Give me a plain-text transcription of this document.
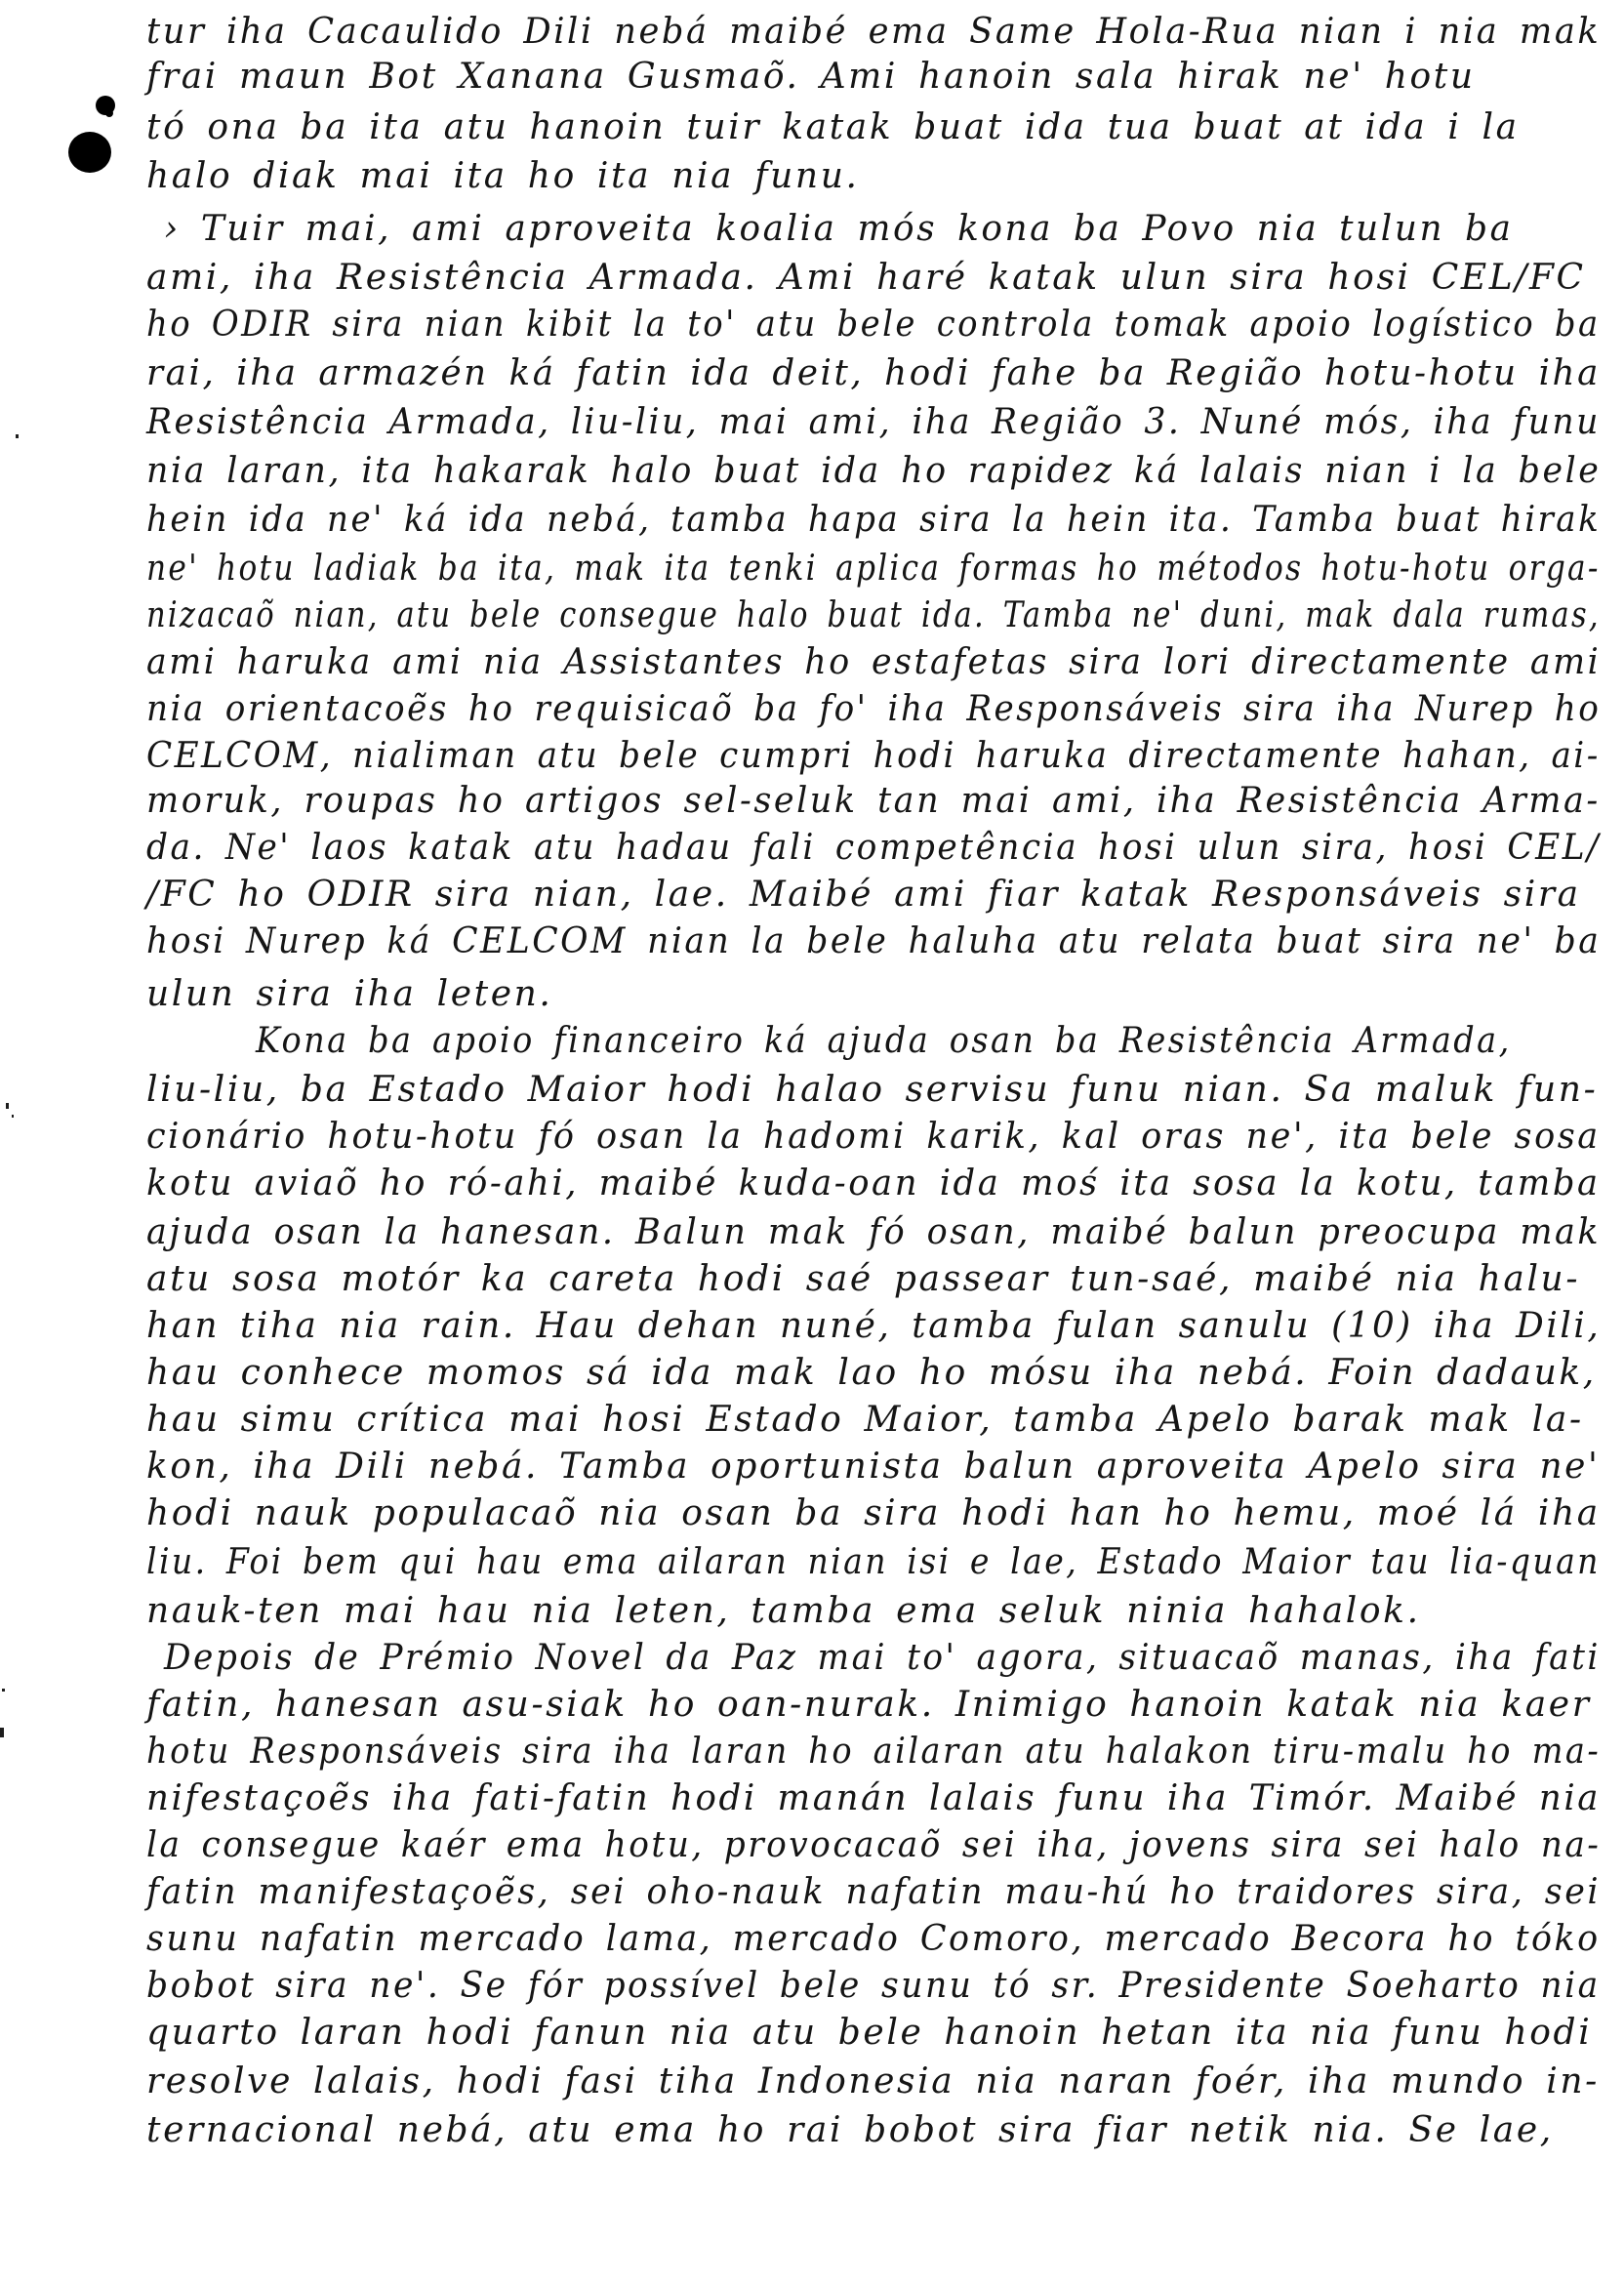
tur iha Cacaulido Dili nebá maibé ema Same Hola-Rua nian i nia mak
frai maun Bot Xanana Gusmaõ. Ami hanoin sala hirak ne' hotu
tó ona ba ita atu hanoin tuir katak buat ida tua buat at ida i la
halo diak mai ita ho ita nia funu.
› Tuir mai, ami aproveita koalia mós kona ba Povo nia tulun ba
ami, iha Resistência Armada. Ami haré katak ulun sira hosi CEL/FC
ho ODIR sira nian kibit la to' atu bele controla tomak apoio logístico ba
rai, iha armazén ká fatin ida deit, hodi fahe ba Região hotu-hotu iha
Resistência Armada, liu-liu, mai ami, iha Região 3. Nuné mós, iha funu
nia laran, ita hakarak halo buat ida ho rapidez ká lalais nian i la bele
hein ida ne' ká ida nebá, tamba hapa sira la hein ita. Tamba buat hirak
ne' hotu ladiak ba ita, mak ita tenki aplica formas ho métodos hotu-hotu orga-
nizacaõ nian, atu bele consegue halo buat ida. Tamba ne' duni, mak dala rumas,
ami haruka ami nia Assistantes ho estafetas sira lori directamente ami
nia orientacoẽs ho requisicaõ ba fo' iha Responsáveis sira iha Nurep ho
CELCOM, nialiman atu bele cumpri hodi haruka directamente hahan, ai-
moruk, roupas ho artigos sel-seluk tan mai ami, iha Resistência Arma-
da. Ne' laos katak atu hadau fali competência hosi ulun sira, hosi CEL/
/FC ho ODIR sira nian, lae. Maibé ami fiar katak Responsáveis sira
hosi Nurep ká CELCOM nian la bele haluha atu relata buat sira ne' ba
ulun sira iha leten.
Kona ba apoio financeiro ká ajuda osan ba Resistência Armada,
liu-liu, ba Estado Maior hodi halao servisu funu nian. Sa maluk fun-
cionário hotu-hotu fó osan la hadomi karik, kal oras ne', ita bele sosa
kotu aviaõ ho ró-ahi, maibé kuda-oan ida moś ita sosa la kotu, tamba
ajuda osan la hanesan. Balun mak fó osan, maibé balun preocupa mak
atu sosa motór ka careta hodi saé passear tun-saé, maibé nia halu-
han tiha nia rain. Hau dehan nuné, tamba fulan sanulu (10) iha Dili,
hau conhece momos sá ida mak lao ho mósu iha nebá. Foin dadauk,
hau simu crítica mai hosi Estado Maior, tamba Apelo barak mak la-
kon, iha Dili nebá. Tamba oportunista balun aproveita Apelo sira ne'
hodi nauk populacaõ nia osan ba sira hodi han ho hemu, moé lá iha
liu. Foi bem qui hau ema ailaran nian isi e lae, Estado Maior tau lia-quan
nauk-ten mai hau nia leten, tamba ema seluk ninia hahalok.
Depois de Prémio Novel da Paz mai to' agora, situacaõ manas, iha fati
fatin, hanesan asu-siak ho oan-nurak. Inimigo hanoin katak nia kaer
hotu Responsáveis sira iha laran ho ailaran atu halakon tiru-malu ho ma-
nifestaçoẽs iha fati-fatin hodi manán lalais funu iha Timór. Maibé nia
la consegue kaér ema hotu, provocacaõ sei iha, jovens sira sei halo na-
fatin manifestaçoẽs, sei oho-nauk nafatin mau-hú ho traidores sira, sei
sunu nafatin mercado lama, mercado Comoro, mercado Becora ho tóko
bobot sira ne'. Se fór possível bele sunu tó sr. Presidente Soeharto nia
quarto laran hodi fanun nia atu bele hanoin hetan ita nia funu hodi
resolve lalais, hodi fasi tiha Indonesia nia naran foér, iha mundo in-
ternacional nebá, atu ema ho rai bobot sira fiar netik nia. Se lae,
